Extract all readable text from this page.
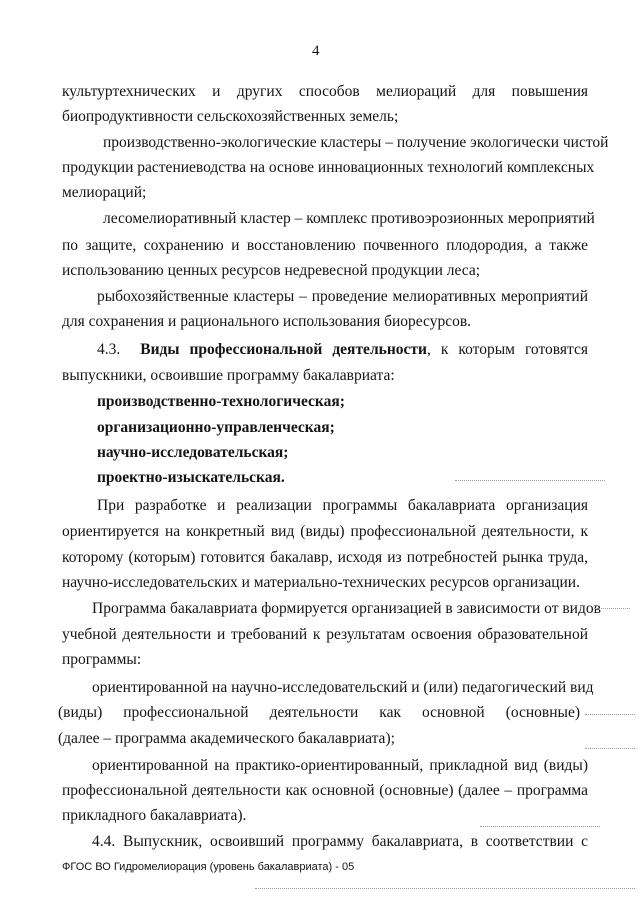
4
культуртехнических и других способов мелиораций для повышения
биопродуктивности сельскохозяйственных земель;
производственно-экологические кластеры – получение экологически чистой
продукции растениеводства на основе инновационных технологий комплексных
мелиораций;
лесомелиоративный кластер – комплекс противоэрозионных мероприятий
по защите, сохранению и восстановлению почвенного плодородия, а также
использованию ценных ресурсов недревесной продукции леса;
рыбохозяйственные кластеры – проведение мелиоративных мероприятий
для сохранения и рационального использования биоресурсов.
4.3. Виды профессиональной деятельности, к которым готовятся
выпускники, освоившие программу бакалавриата:
производственно-технологическая;
организационно-управленческая;
научно-исследовательская;
проектно-изыскательская.
При разработке и реализации программы бакалавриата организация
ориентируется на конкретный вид (виды) профессиональной деятельности, к
которому (которым) готовится бакалавр, исходя из потребностей рынка труда,
научно-исследовательских и материально-технических ресурсов организации.
Программа бакалавриата формируется организацией в зависимости от видов
учебной деятельности и требований к результатам освоения образовательной
программы:
ориентированной на научно-исследовательский и (или) педагогический вид
(виды) профессиональной деятельности как основной (основные)
(далее – программа академического бакалавриата);
ориентированной на практико-ориентированный, прикладной вид (виды)
профессиональной деятельности как основной (основные) (далее – программа
прикладного бакалавриата).
4.4. Выпускник, освоивший программу бакалавриата, в соответствии с
ФГОС ВО Гидромелиорация (уровень бакалавриата) - 05
